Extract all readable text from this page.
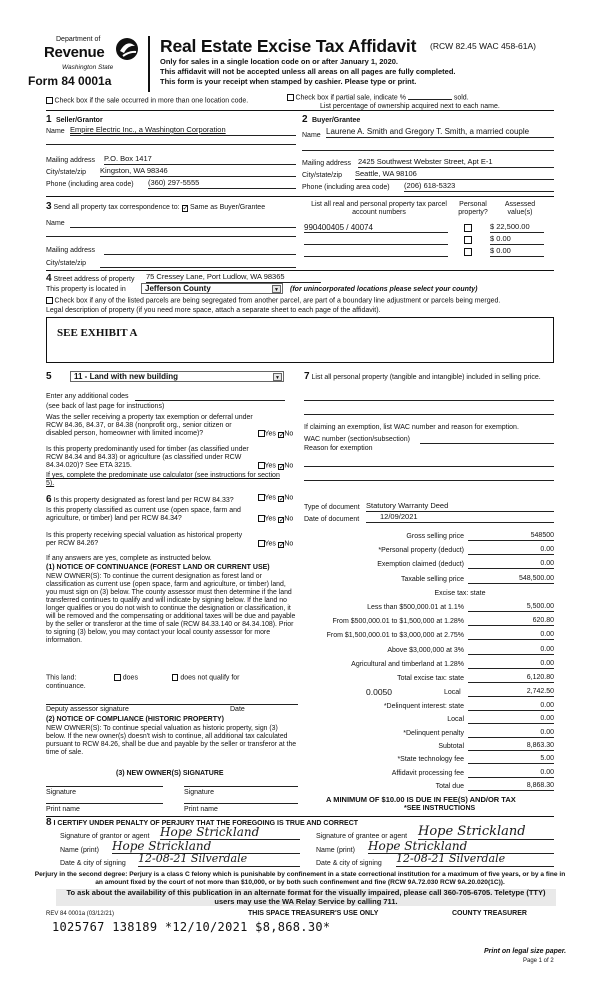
Department of
Revenue
Washington State
Form 84 0001a
Real Estate Excise Tax Affidavit (RCW 82.45 WAC 458-61A)
Only for sales in a single location code on or after January 1, 2020.
This affidavit will not be accepted unless all areas on all pages are fully completed.
This form is your receipt when stamped by cashier. Please type or print.
Check box if the sale occurred in more than one location code.	Check box if partial sale, indicate %	sold.
List percentage of ownership acquired next to each name.
1 Seller/Grantor
Name Empire Electric Inc., a Washington Corporation
Mailing address P.O. Box 1417
City/state/zip Kingston, WA 98346
Phone (including area code) (360) 297-5555
2 Buyer/Grantee
Name Laurene A. Smith and Gregory T. Smith, a married couple
Mailing address 2425 Southwest Webster Street, Apt E-1
City/state/zip Seattle, WA 98106
Phone (including area code) (206) 618-5323
3 Send all property tax correspondence to: ✓ Same as Buyer/Grantee
Name
Mailing address
City/state/zip
List all real and personal property tax parcel account numbers
Personal property?
Assessed value(s)
990400405 / 40074	$ 22,500.00
$ 0.00
$ 0.00
4 Street address of property 75 Cressey Lane, Port Ludlow, WA 98365
This property is located in	Jefferson County	▼ (for unincorporated locations please select your county)
Check box if any of the listed parcels are being segregated from another parcel, are part of a boundary line adjustment or parcels being merged.
Legal description of property (if you need more space, attach a separate sheet to each page of the affidavit).
SEE EXHIBIT A
5	11 - Land with new building	▼
Enter any additional codes
(see back of last page for instructions)
Was the seller receiving a property tax exemption or deferral under RCW 84.36, 84.37, or 84.38 (nonprofit org., senior citizen or disabled person, homeowner with limited income)?	Yes ✓ No
Is this property predominantly used for timber (as classified under RCW 84.34 and 84.33) or agriculture (as classified under RCW 84.34.020)? See ETA 3215.	Yes ✓ No
If yes, complete the predominate use calculator (see instructions for section 5).
6 Is this property designated as forest land per RCW 84.33?	Yes ✓ No
Is this property classified as current use (open space, farm and agriculture, or timber) land per RCW 84.34?	Yes ✓ No
Is this property receiving special valuation as historical property per RCW 84.26?	Yes ✓ No
If any answers are yes, complete as instructed below.
(1) NOTICE OF CONTINUANCE (FOREST LAND OR CURRENT USE)
NEW OWNER(S): To continue the current designation as forest land or classification as current use (open space, farm and agriculture, or timber) land, you must sign on (3) below. The county assessor must then determine if the land transferred continues to qualify and will indicate by signing below. If the land no longer qualifies or you do not wish to continue the designation or classification, it will be removed and the compensating or additional taxes will be due and payable by the seller or transferor at the time of sale (RCW 84.33.140 or 84.34.108). Prior to signing (3) below, you may contact your local county assessor for more information.
This land:	does	does not qualify for
continuance.
Deputy assessor signature	Date
(2) NOTICE OF COMPLIANCE (HISTORIC PROPERTY)
NEW OWNER(S): To continue special valuation as historic property, sign (3) below. If the new owner(s) doesn't wish to continue, all additional tax calculated pursuant to RCW 84.26, shall be due and payable by the seller or transferor at the time of sale.
(3) NEW OWNER(S) SIGNATURE
Signature	Signature
Print name	Print name
7 List all personal property (tangible and intangible) included in selling price.
If claiming an exemption, list WAC number and reason for exemption.
WAC number (section/subsection)
Reason for exemption
Type of document Statutory Warranty Deed
Date of document	12/09/2021
Gross selling price	548500
*Personal property (deduct)	0.00
Exemption claimed (deduct)	0.00
Taxable selling price	548,500.00
Excise tax: state
Less than $500,000.01 at 1.1%	5,500.00
From $500,000.01 to $1,500,000 at 1.28%	620.80
From $1,500,000.01 to $3,000,000 at 2.75%	0.00
Above $3,000,000 at 3%	0.00
Agricultural and timberland at 1.28%	0.00
Total excise tax: state	6,120.80
0.0050	Local	2,742.50
*Delinquent interest: state	0.00
Local	0.00
*Delinquent penalty	0.00
Subtotal	8,863.30
*State technology fee	5.00
Affidavit processing fee	0.00
Total due	8,868.30
A MINIMUM OF $10.00 IS DUE IN FEE(S) AND/OR TAX
*SEE INSTRUCTIONS
8 I CERTIFY UNDER PENALTY OF PERJURY THAT THE FOREGOING IS TRUE AND CORRECT
Signature of grantor or agent Hope Strickland
Name (print) Hope Strickland
Date & city of signing 12-08-21 Silverdale
Signature of grantee or agent Hope Strickland
Name (print) Hope Strickland
Date & city of signing 12-08-21 Silverdale
Perjury in the second degree: Perjury is a class C felony which is punishable by confinement in a state correctional institution for a maximum of five years, or by a fine in an amount fixed by the court of not more than $10,000, or by both such confinement and fine (RCW 9A.72.030 RCW 9A.20.020(1C)).
To ask about the availability of this publication in an alternate format for the visually impaired, please call 360-705-6705. Teletype (TTY) users may use the WA Relay Service by calling 711.
REV 84 0001a (03/12/21)	THIS SPACE TREASURER'S USE ONLY	COUNTY TREASURER
1025767 138189 *12/10/2021 $8,868.30*
Print on legal size paper.
Page 1 of 2
